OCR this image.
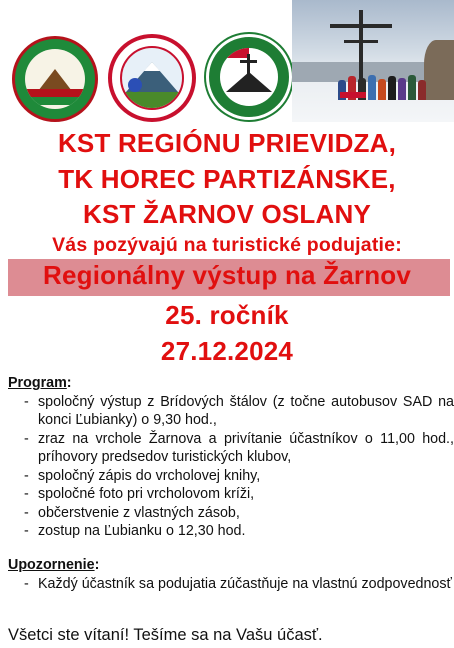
KST REGIÓNU PRIEVIDZA,
TK HOREC PARTIZÁNSKE,
KST ŽARNOV OSLANY
Vás pozývajú na turistické podujatie:
Regionálny výstup na Žarnov
25. ročník
27.12.2024
Program:
- spoločný výstup z Brídových štálov (z točne autobusov SAD na konci Ľubianky) o 9,30 hod.,
- zraz na vrchole Žarnova a privítanie účastníkov o 11,00 hod., príhovory predsedov turistických klubov,
- spoločný zápis do vrcholovej knihy,
- spoločné foto pri vrcholovom kríži,
- občerstvenie z vlastných zásob,
- zostup na Ľubianku o 12,30 hod.
Upozornenie:
- Každý účastník sa podujatia zúčastňuje na vlastnú zodpovednosť
Všetci ste vítaní! Tešíme sa na Vašu účasť.
